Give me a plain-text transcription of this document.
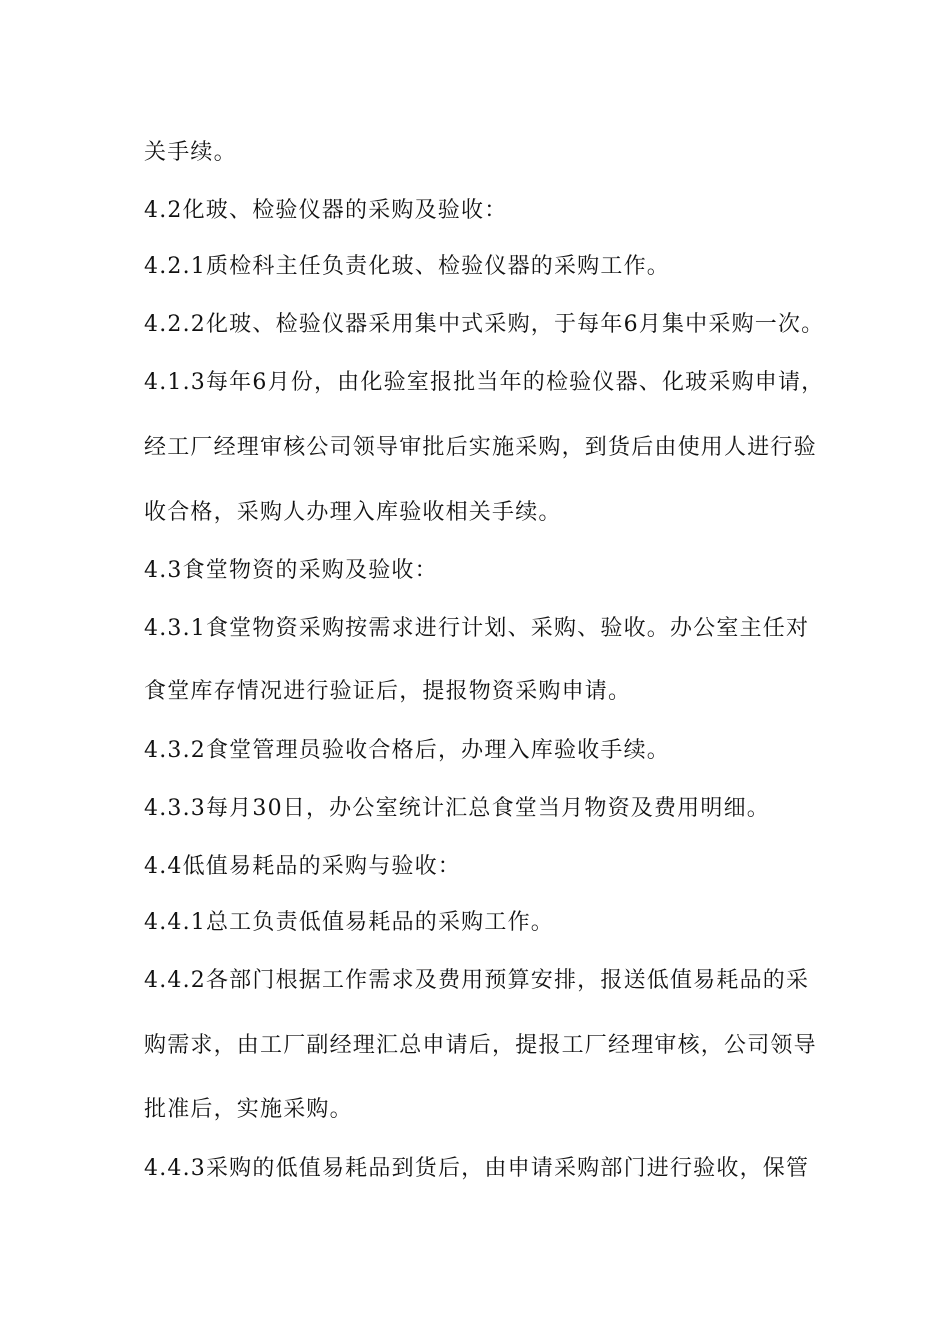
关手续。
4.2化玻、检验仪器的采购及验收：
4.2.1质检科主任负责化玻、检验仪器的采购工作。
4.2.2化玻、检验仪器采用集中式采购，于每年6月集中采购一次。
4.1.3每年6月份，由化验室报批当年的检验仪器、化玻采购申请，
经工厂经理审核公司领导审批后实施采购，到货后由使用人进行验
收合格，采购人办理入库验收相关手续。
4.3食堂物资的采购及验收：
4.3.1食堂物资采购按需求进行计划、采购、验收。办公室主任对
食堂库存情况进行验证后，提报物资采购申请。
4.3.2食堂管理员验收合格后，办理入库验收手续。
4.3.3每月30日，办公室统计汇总食堂当月物资及费用明细。
4.4低值易耗品的采购与验收：
4.4.1总工负责低值易耗品的采购工作。
4.4.2各部门根据工作需求及费用预算安排，报送低值易耗品的采
购需求，由工厂副经理汇总申请后，提报工厂经理审核，公司领导
批准后，实施采购。
4.4.3采购的低值易耗品到货后，由申请采购部门进行验收，保管
